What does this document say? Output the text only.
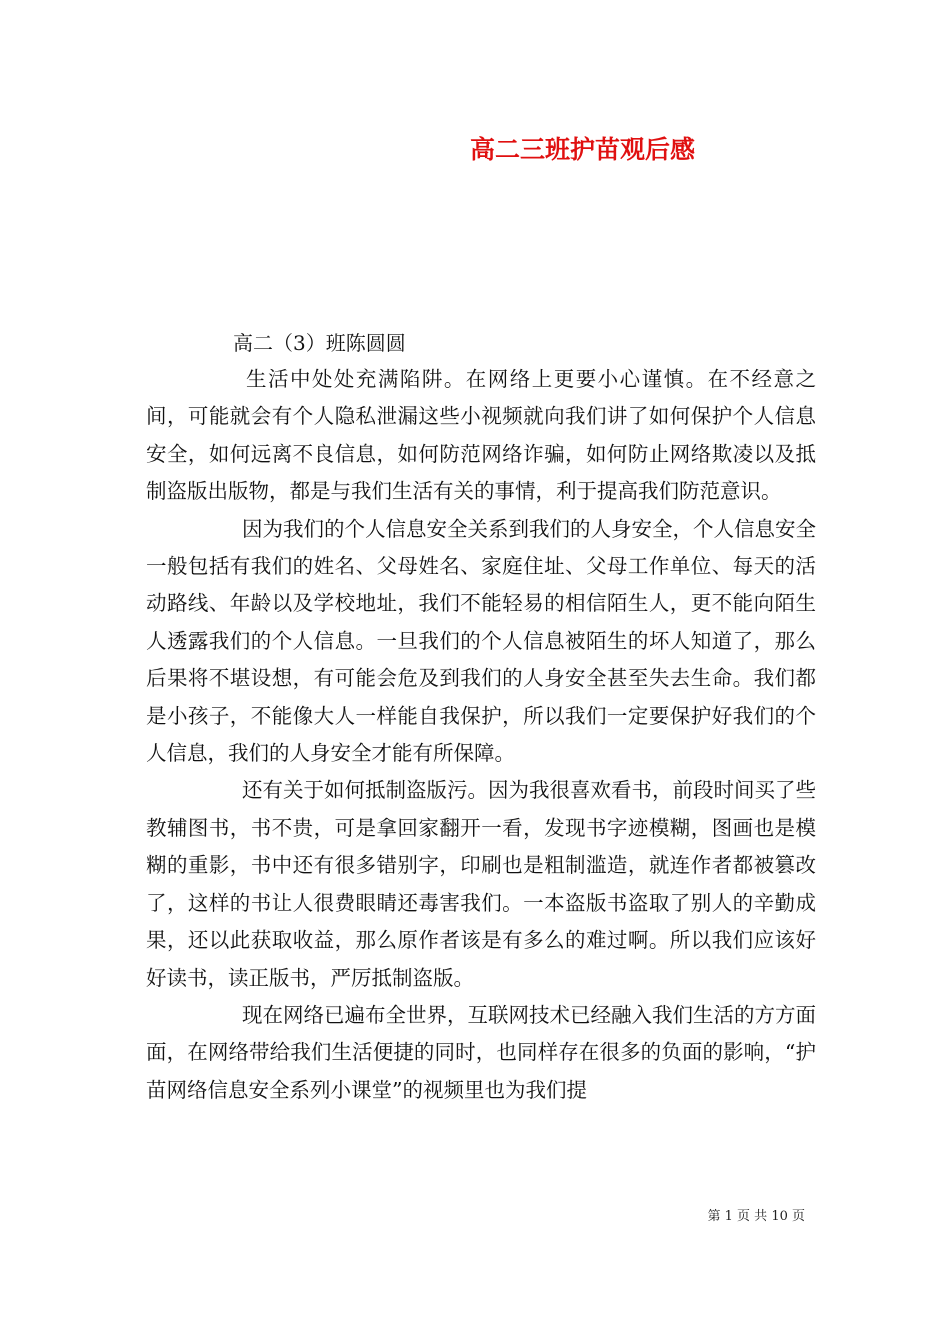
高二三班护苗观后感
高二（3）班陈圆圆

生活中处处充满陷阱。在网络上更要小心谨慎。在不经意之间，可能就会有个人隐私泄漏这些小视频就向我们讲了如何保护个人信息安全，如何远离不良信息，如何防范网络诈骗，如何防止网络欺凌以及抵制盗版出版物，都是与我们生活有关的事情，利于提高我们防范意识。

因为我们的个人信息安全关系到我们的人身安全，个人信息安全一般包括有我们的姓名、父母姓名、家庭住址、父母工作单位、每天的活动路线、年龄以及学校地址，我们不能轻易的相信陌生人，更不能向陌生人透露我们的个人信息。一旦我们的个人信息被陌生的坏人知道了，那么后果将不堪设想，有可能会危及到我们的人身安全甚至失去生命。我们都是小孩子，不能像大人一样能自我保护，所以我们一定要保护好我们的个人信息，我们的人身安全才能有所保障。

还有关于如何抵制盗版污。因为我很喜欢看书，前段时间买了些教辅图书，书不贵，可是拿回家翻开一看，发现书字迹模糊，图画也是模糊的重影，书中还有很多错别字，印刷也是粗制滥造，就连作者都被篡改了，这样的书让人很费眼睛还毒害我们。一本盗版书盗取了别人的辛勤成果，还以此获取收益，那么原作者该是有多么的难过啊。所以我们应该好好读书，读正版书，严厉抵制盗版。

现在网络已遍布全世界，互联网技术已经融入我们生活的方方面面，在网络带给我们生活便捷的同时，也同样存在很多的负面的影响，“护苗网络信息安全系列小课堂”的视频里也为我们提

第 1 页 共 10 页
